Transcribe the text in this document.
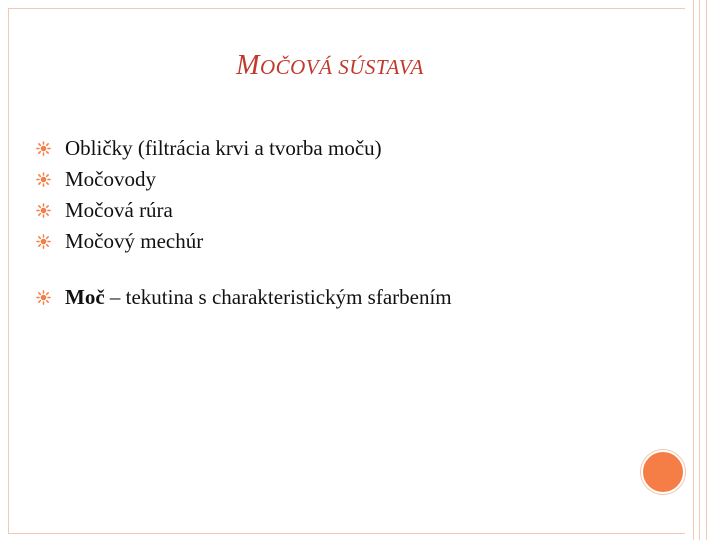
MOČOVÁ SÚSTAVA
Obličky (filtrácia krvi a tvorba moču)
Močovody
Močová rúra
Močový mechúr
Moč – tekutina s charakteristickým sfarbením
